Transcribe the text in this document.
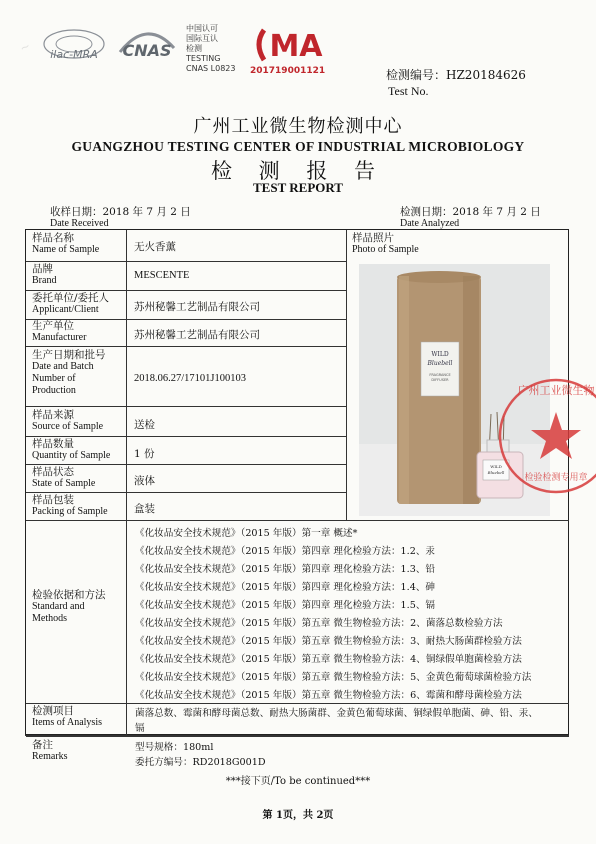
~ ilac-MRA CNAS
中国认可
国际互认
检测
TESTING
CNAS L0823
MA
201719001121	检测编号：HZ20184626
Test No.
广州工业微生物检测中心
GUANGZHOU TESTING CENTER OF INDUSTRIAL MICROBIOLOGY
检 测 报 告
TEST REPORT
收样日期：2018 年 7 月 2 日
Date Received
检测日期：2018 年 7 月 2 日
Date Analyzed
样品名称
Name of Sample	无火香薰
品牌
Brand	MESCENTE
委托单位/委托人
Applicant/Client	苏州秘馨工艺制品有限公司
生产单位
Manufacturer	苏州秘馨工艺制品有限公司
生产日期和批号
Date and Batch
Number of
Production
2018.06.27/17101J100103
样品来源
Source of Sample	送检
样品数量
Quantity of Sample 1 份
样品状态
State of Sample	液体
样品包装
Packing of Sample	盒装
样品照片
Photo of Sample
WILD
Bluebell
FRAGRANCE
DIFFUSER
WILD
Bluebell
检验依据和方法
Standard and
Methods
《化妆品安全技术规范》（2015 年版）第一章 概述*
《化妆品安全技术规范》（2015 年版）第四章 理化检验方法：1.2、汞
《化妆品安全技术规范》（2015 年版）第四章 理化检验方法：1.3、铅
《化妆品安全技术规范》（2015 年版）第四章 理化检验方法：1.4、砷
《化妆品安全技术规范》（2015 年版）第四章 理化检验方法：1.5、镉
《化妆品安全技术规范》（2015 年版）第五章 微生物检验方法：2、菌落总数检验方法
《化妆品安全技术规范》（2015 年版）第五章 微生物检验方法：3、耐热大肠菌群检验方法
《化妆品安全技术规范》（2015 年版）第五章 微生物检验方法：4、铜绿假单胞菌检验方法
《化妆品安全技术规范》（2015 年版）第五章 微生物检验方法：5、金黄色葡萄球菌检验方法
《化妆品安全技术规范》（2015 年版）第五章 微生物检验方法：6、霉菌和酵母菌检验方法
检测项目
Items of Analysis
菌落总数、霉菌和酵母菌总数、耐热大肠菌群、金黄色葡萄球菌、铜绿假单胞菌、砷、铅、汞、
镉
备注
Remarks
型号规格：180ml
委托方编号：RD2018G001D
广州工业微生物
检验检测专用章
***接下页/To be continued***
第 1页，共 2页
